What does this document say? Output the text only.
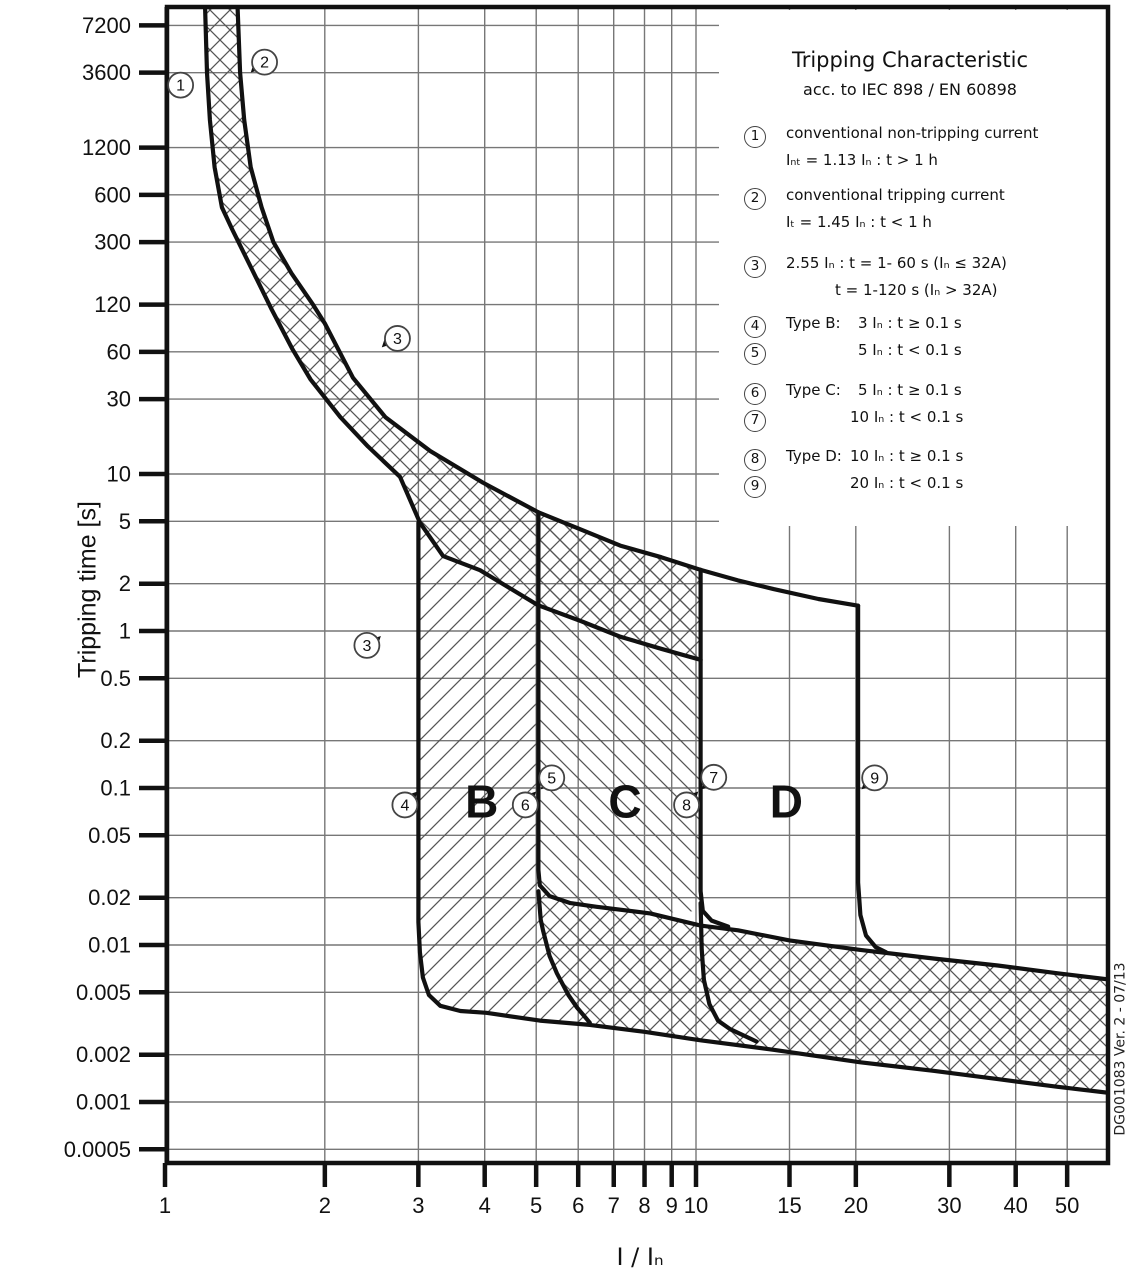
7200
3600
1200
600
300
120
60
30
10
5
2
1
0.5
0.2
0.1
0.05
0.02
0.01
0.005
0.002
0.001
0.0005
1	2	3 4 5 6 7 8 9 10	15 20	30 40 50
B C	D
1
2
3
3
4
5
6
7
8
9
Tripping time [s]
I / Iₙ
DG001083 Ver. 2 - 07/13
Tripping Characteristic
acc. to IEC 898 / EN 60898
1	conventional non-tripping current
Iₙₜ = 1.13 Iₙ : t > 1 h
2	conventional tripping current
Iₜ = 1.45 Iₙ : t < 1 h
3	2.55 Iₙ : t = 1- 60 s (Iₙ ≤ 32A)
t = 1-120 s (Iₙ > 32A)
4
5
Type B: 3 Iₙ : t ≥ 0.1 s
5 Iₙ : t < 0.1 s
6
7
Type C: 5 Iₙ : t ≥ 0.1 s
10 Iₙ : t < 0.1 s
8
9
Type D: 10 Iₙ : t ≥ 0.1 s
20 Iₙ : t < 0.1 s
